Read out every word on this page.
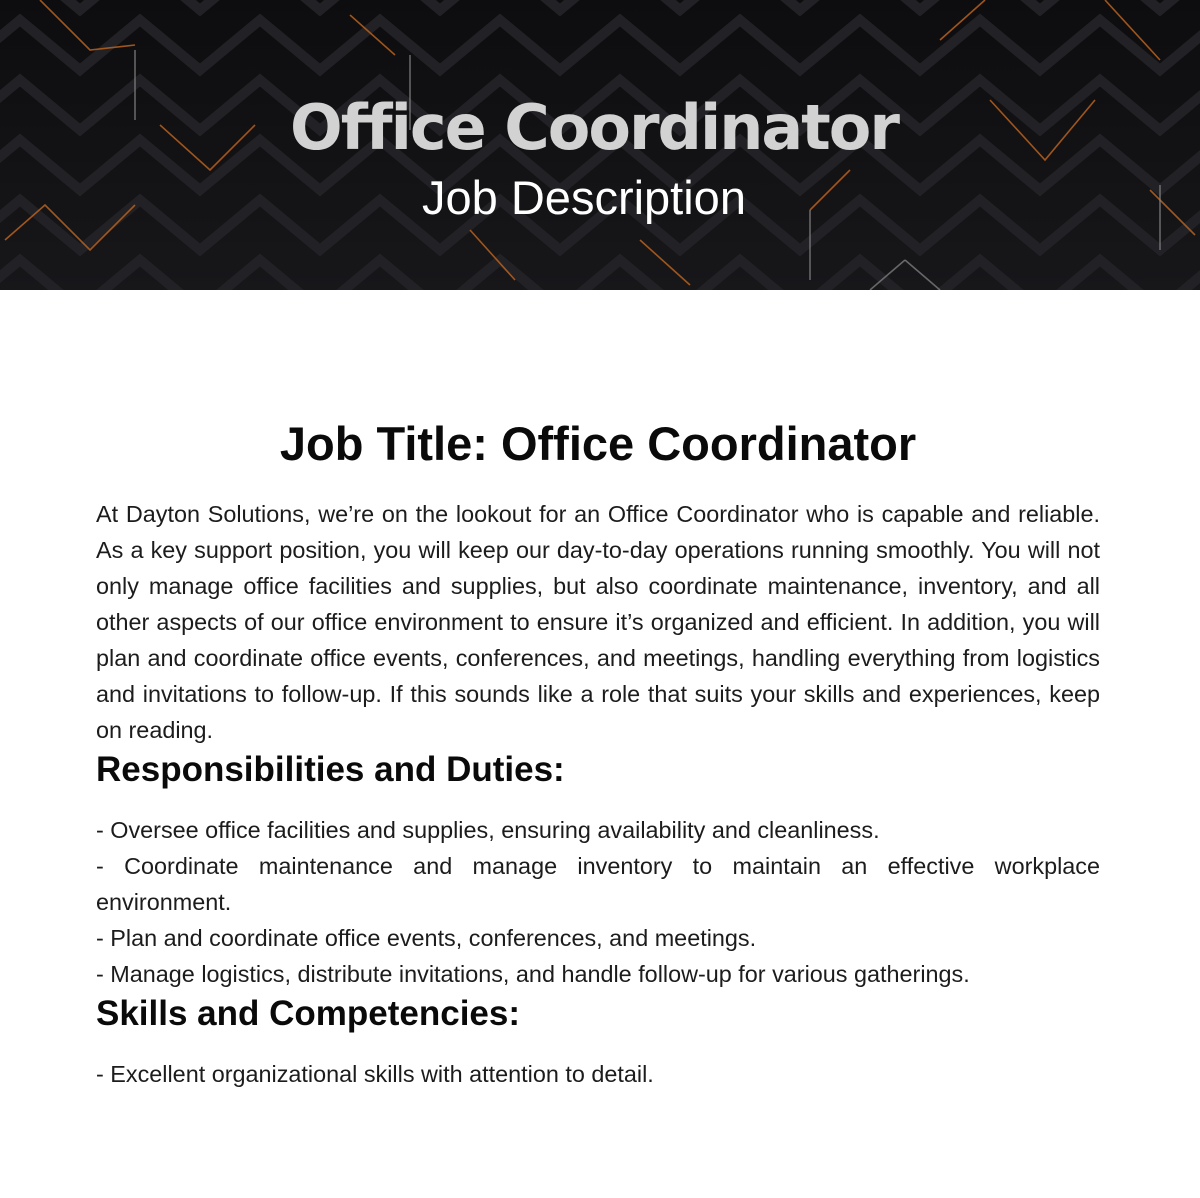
Office Coordinator
Job Description
Job Title: Office Coordinator

At Dayton Solutions, we’re on the lookout for an Office Coordinator who is capable and reliable. As a key support position, you will keep our day-to-day operations running smoothly. You will not only manage office facilities and supplies, but also coordinate maintenance, inventory, and all other aspects of our office environment to ensure it’s organized and efficient. In addition, you will plan and coordinate office events, conferences, and meetings, handling everything from logistics and invitations to follow-up. If this sounds like a role that suits your skills and experiences, keep on reading.

Responsibilities and Duties:
- Oversee office facilities and supplies, ensuring availability and cleanliness.
- Coordinate maintenance and manage inventory to maintain an effective workplace environment.
- Plan and coordinate office events, conferences, and meetings.
- Manage logistics, distribute invitations, and handle follow-up for various gatherings.
Skills and Competencies:
- Excellent organizational skills with attention to detail.
